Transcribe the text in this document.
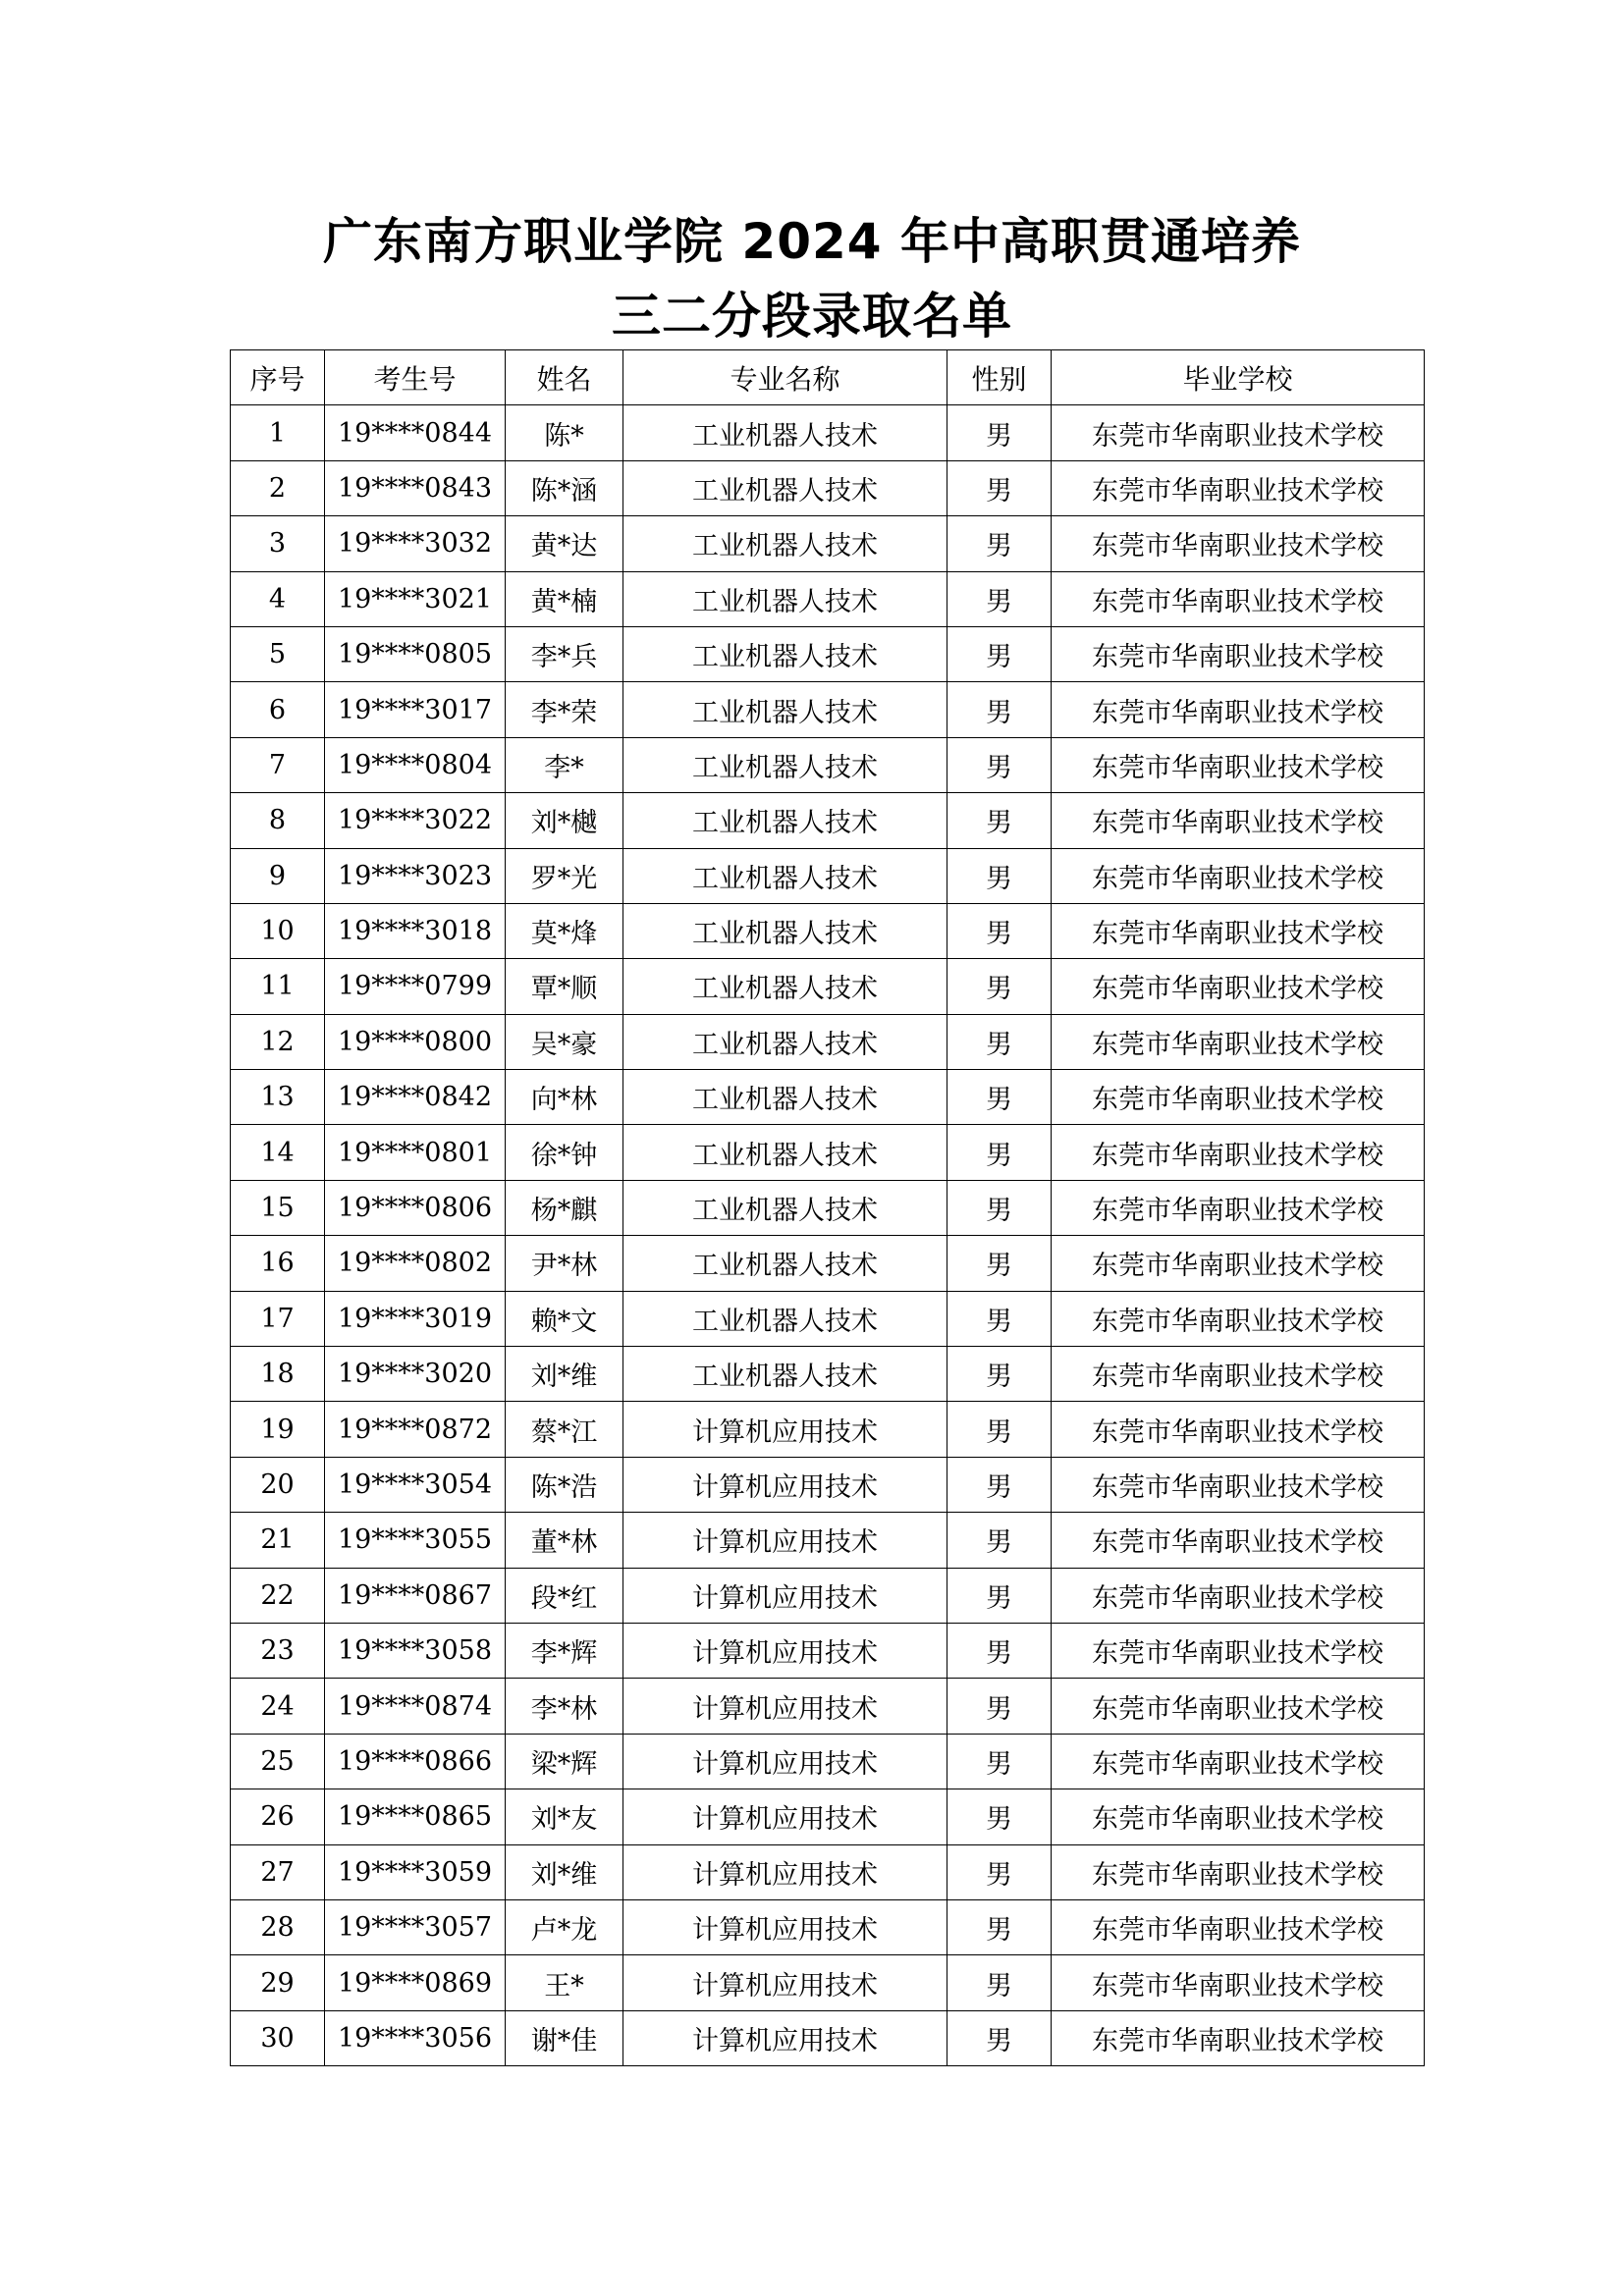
广东南方职业学院 2024 年中高职贯通培养
三二分段录取名单
序号	考生号	姓名	专业名称	性别	毕业学校
1	19****0844	陈*	工业机器人技术	男	东莞市华南职业技术学校
2	19****0843	陈*涵	工业机器人技术	男	东莞市华南职业技术学校
3	19****3032	黄*达	工业机器人技术	男	东莞市华南职业技术学校
4	19****3021	黄*楠	工业机器人技术	男	东莞市华南职业技术学校
5	19****0805	李*兵	工业机器人技术	男	东莞市华南职业技术学校
6	19****3017	李*荣	工业机器人技术	男	东莞市华南职业技术学校
7	19****0804	李*	工业机器人技术	男	东莞市华南职业技术学校
8	19****3022	刘*樾	工业机器人技术	男	东莞市华南职业技术学校
9	19****3023	罗*光	工业机器人技术	男	东莞市华南职业技术学校
10	19****3018	莫*烽	工业机器人技术	男	东莞市华南职业技术学校
11	19****0799	覃*顺	工业机器人技术	男	东莞市华南职业技术学校
12	19****0800	吴*豪	工业机器人技术	男	东莞市华南职业技术学校
13	19****0842	向*林	工业机器人技术	男	东莞市华南职业技术学校
14	19****0801	徐*钟	工业机器人技术	男	东莞市华南职业技术学校
15	19****0806	杨*麒	工业机器人技术	男	东莞市华南职业技术学校
16	19****0802	尹*林	工业机器人技术	男	东莞市华南职业技术学校
17	19****3019	赖*文	工业机器人技术	男	东莞市华南职业技术学校
18	19****3020	刘*维	工业机器人技术	男	东莞市华南职业技术学校
19	19****0872	蔡*江	计算机应用技术	男	东莞市华南职业技术学校
20	19****3054	陈*浩	计算机应用技术	男	东莞市华南职业技术学校
21	19****3055	董*林	计算机应用技术	男	东莞市华南职业技术学校
22	19****0867	段*红	计算机应用技术	男	东莞市华南职业技术学校
23	19****3058	李*辉	计算机应用技术	男	东莞市华南职业技术学校
24	19****0874	李*林	计算机应用技术	男	东莞市华南职业技术学校
25	19****0866	梁*辉	计算机应用技术	男	东莞市华南职业技术学校
26	19****0865	刘*友	计算机应用技术	男	东莞市华南职业技术学校
27	19****3059	刘*维	计算机应用技术	男	东莞市华南职业技术学校
28	19****3057	卢*龙	计算机应用技术	男	东莞市华南职业技术学校
29	19****0869	王*	计算机应用技术	男	东莞市华南职业技术学校
30	19****3056	谢*佳	计算机应用技术	男	东莞市华南职业技术学校
